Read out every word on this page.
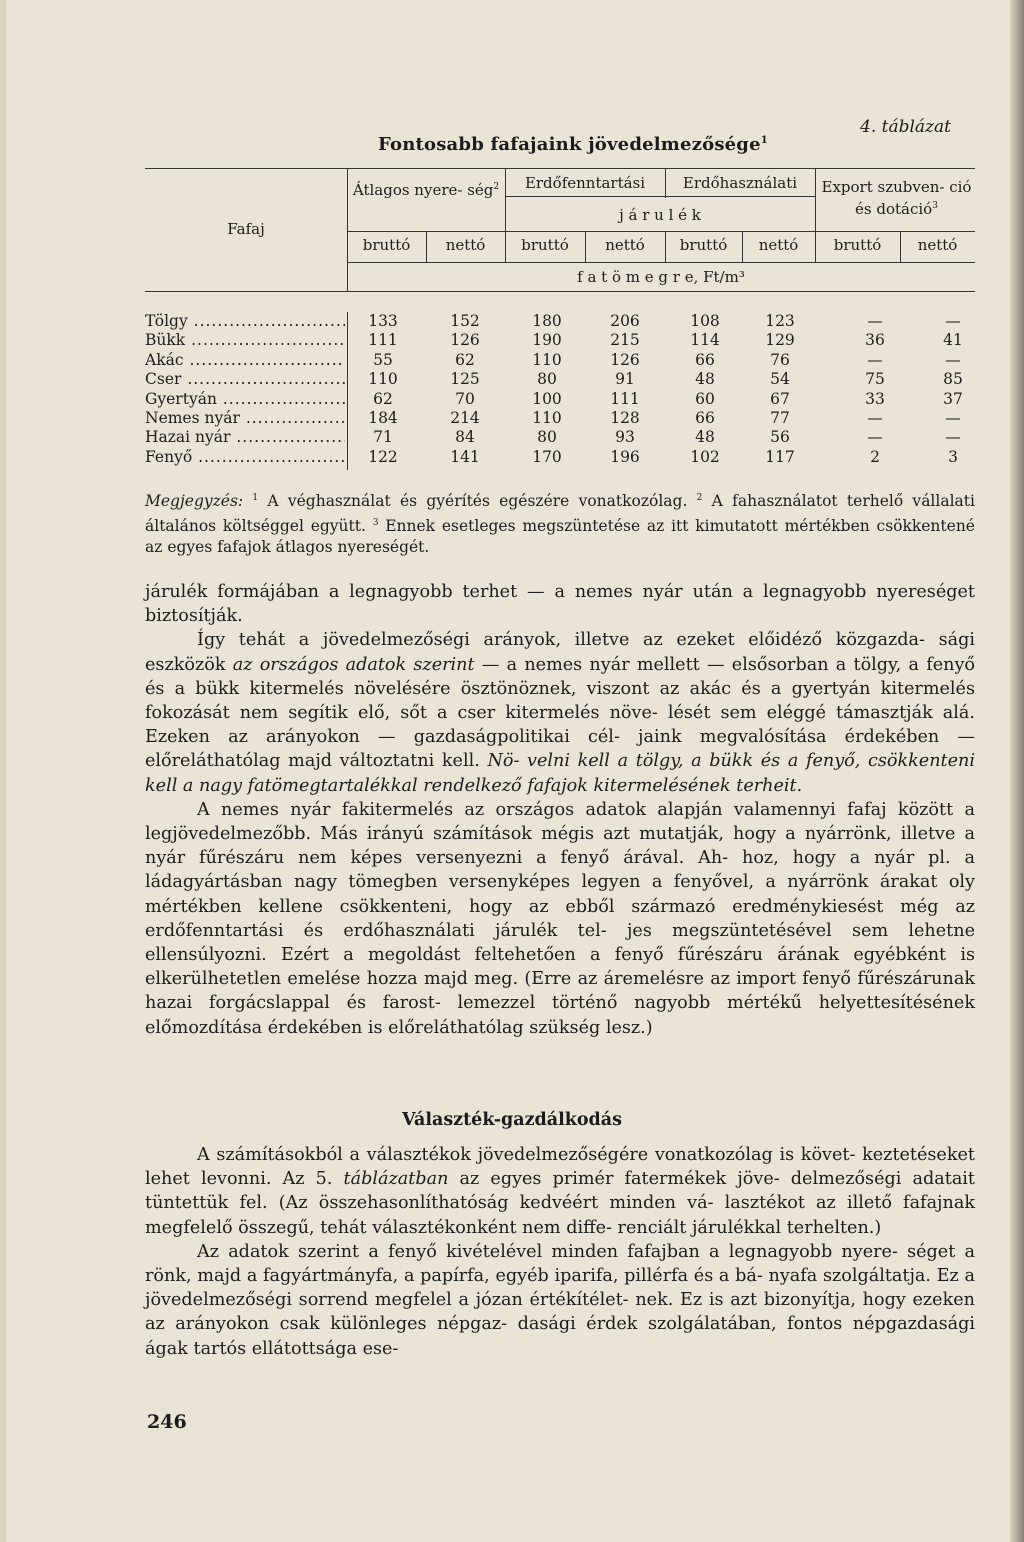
4. táblázat
Fontosabb fafajaink jövedelmezősége$^1$
Fafaj
Átlagos nyere- ség$^2$	Erdőfenntartási	Erdőhasználati
j á r u l é k
Export szubven- ció és dotáció$^3$
bruttó	nettó	bruttó	nettó	bruttó	nettó	bruttó	nettó
f a t ö m e g r e, Ft/m³
Tölgy .....	133	152	180	206	108	123	—	—
Bükk .....	111	126	190	215	114	129	36	41
Akác .....	55	62	110	126	66	76	—	—
Cser .....	110	125	80	91	48	54	75	85
Gyertyán .....	62	70	100	111	60	67	33	37
Nemes nyár .....	184	214	110	128	66	77	—	—
Hazai nyár .....	71	84	80	93	48	56	—	—
Fenyő .....	122	141	170	196	102	117	2	3
Megjegyzés: $^1$ A véghasználat és gyérítés egészére vonatkozólag. $^2$ A fahasználatot terhelő vállalati általános költséggel együtt. $^3$ Ennek esetleges megszüntetése az itt kimutatott mértékben csökkentené az egyes fafajok átlagos nyereségét.

járulék formájában a legnagyobb terhet — a nemes nyár után a legnagyobb nyereséget biztosítják.

Így tehát a jövedelmezőségi arányok, illetve az ezeket előidéző közgazda- sági eszközök az országos adatok szerint — a nemes nyár mellett — elsősorban a tölgy, a fenyő és a bükk kitermelés növelésére ösztönöznek, viszont az akác és a gyertyán kitermelés fokozását nem segítik elő, sőt a cser kitermelés növe- lését sem eléggé támasztják alá. Ezeken az arányokon — gazdaságpolitikai cél- jaink megvalósítása érdekében — előreláthatólag majd változtatni kell. Nö- velni kell a tölgy, a bükk és a fenyő, csökkenteni kell a nagy fatömegtartalékkal rendelkező fafajok kitermelésének terheit.

A nemes nyár fakitermelés az országos adatok alapján valamennyi fafaj között a legjövedelmezőbb. Más irányú számítások mégis azt mutatják, hogy a nyárrönk, illetve a nyár fűrészáru nem képes versenyezni a fenyő árával. Ah- hoz, hogy a nyár pl. a ládagyártásban nagy tömegben versenyképes legyen a fenyővel, a nyárrönk árakat oly mértékben kellene csökkenteni, hogy az ebből származó eredménykiesést még az erdőfenntartási és erdőhasználati járulék tel- jes megszüntetésével sem lehetne ellensúlyozni. Ezért a megoldást feltehetően a fenyő fűrészáru árának egyébként is elkerülhetetlen emelése hozza majd meg. (Erre az áremelésre az import fenyő fűrészárunak hazai forgácslappal és farost- lemezzel történő nagyobb mértékű helyettesítésének előmozdítása érdekében is előreláthatólag szükség lesz.)

Választék-gazdálkodás

A számításokból a választékok jövedelmezőségére vonatkozólag is követ- keztetéseket lehet levonni. Az 5. táblázatban az egyes primér fatermékek jöve- delmezőségi adatait tüntettük fel. (Az összehasonlíthatóság kedvéért minden vá- lasztékot az illető fafajnak megfelelő összegű, tehát választékonként nem diffe- renciált járulékkal terhelten.)

Az adatok szerint a fenyő kivételével minden fafajban a legnagyobb nyere- séget a rönk, majd a fagyártmányfa, a papírfa, egyéb iparifa, pillérfa és a bá- nyafa szolgáltatja. Ez a jövedelmezőségi sorrend megfelel a józan értékítélet- nek. Ez is azt bizonyítja, hogy ezeken az arányokon csak különleges népgaz- dasági érdek szolgálatában, fontos népgazdasági ágak tartós ellátottsága ese-

246
